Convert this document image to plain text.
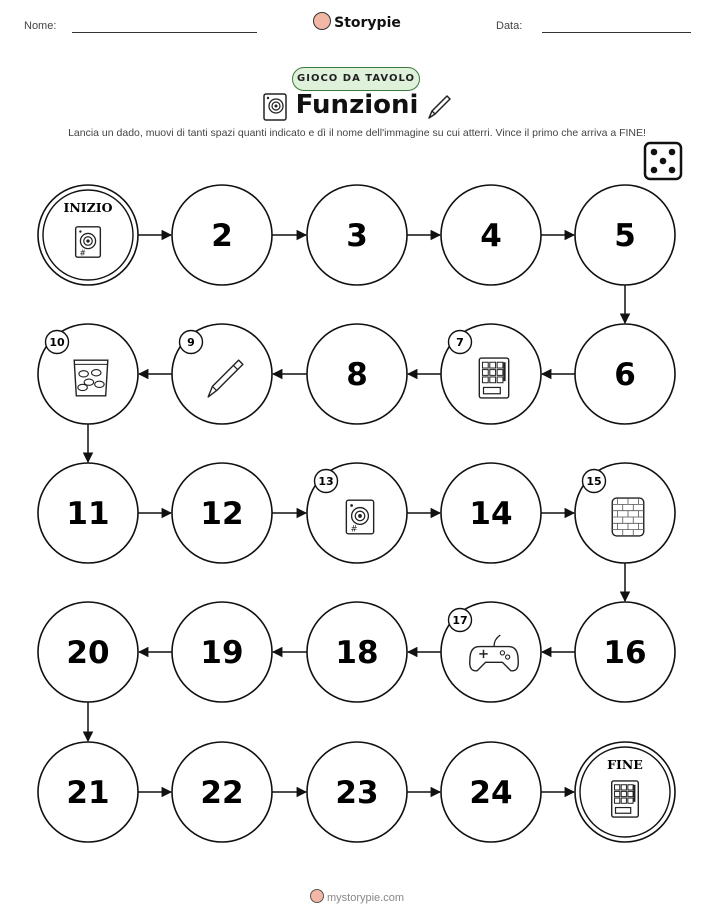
Nome:	Storypie	Data:
GIOCO DA TAVOLO
Funzioni
Lancia un dado, muovi di tanti spazi quanti indicato e dì il nome dell'immagine su cui atterri. Vince il primo che arriva a FINE!
INIZIO
#	2	3	4	5
6
7
8
9
10
11	12	#
13
14
15
16
17
18
19
20
21	22	23	24
FINE
mystorypie.com
